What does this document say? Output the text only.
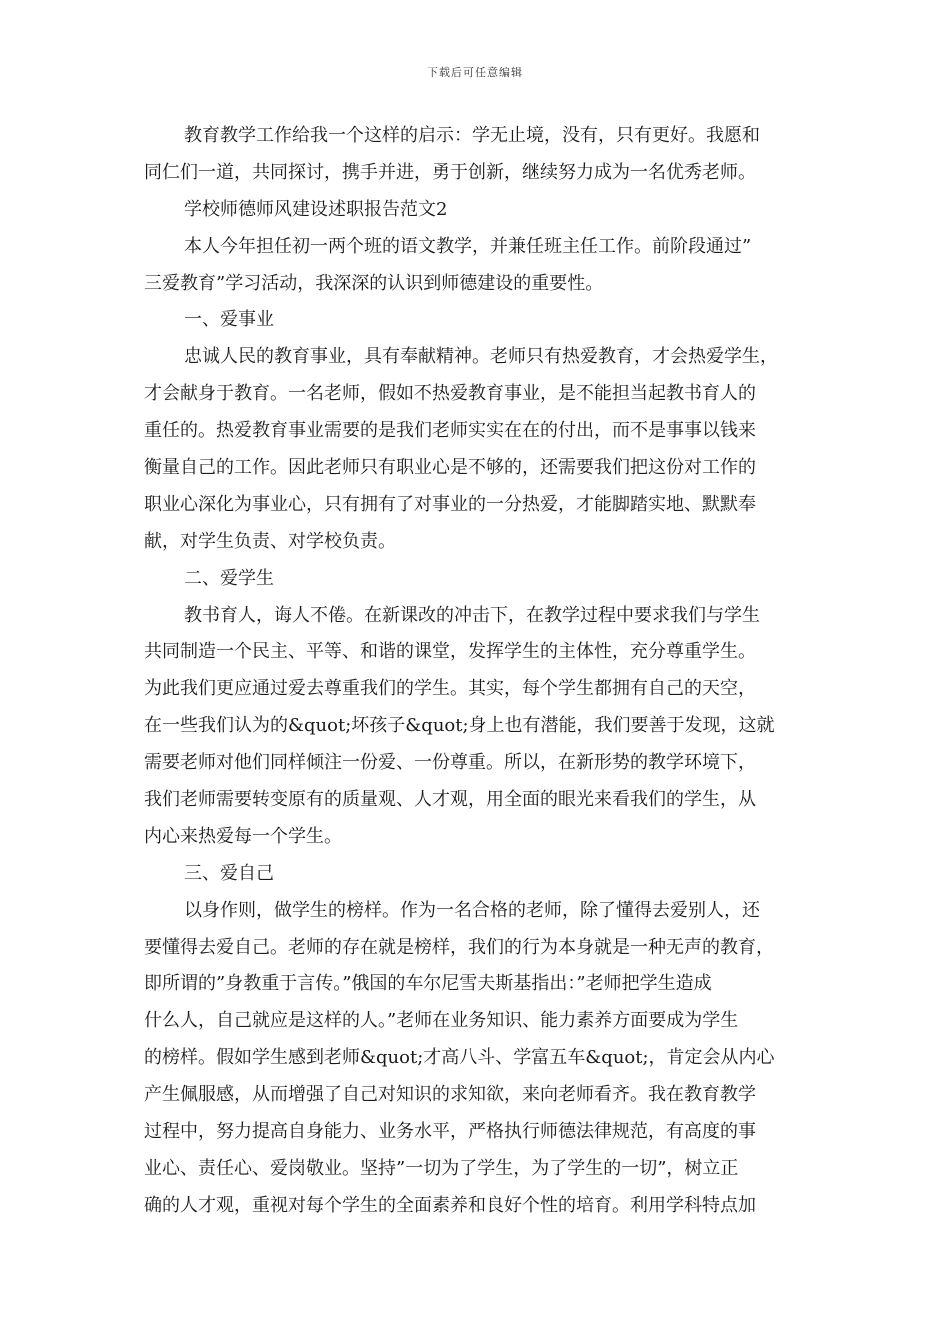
下载后可任意编辑
教育教学工作给我一个这样的启示：学无止境，没有，只有更好。我愿和
同仁们一道，共同探讨，携手并进，勇于创新，继续努力成为一名优秀老师。
学校师德师风建设述职报告范文2
本人今年担任初一两个班的语文教学，并兼任班主任工作。前阶段通过”
三爱教育”学习活动，我深深的认识到师德建设的重要性。
一、爱事业
忠诚人民的教育事业，具有奉献精神。老师只有热爱教育，才会热爱学生，
才会献身于教育。一名老师，假如不热爱教育事业，是不能担当起教书育人的
重任的。热爱教育事业需要的是我们老师实实在在的付出，而不是事事以钱来
衡量自己的工作。因此老师只有职业心是不够的，还需要我们把这份对工作的
职业心深化为事业心，只有拥有了对事业的一分热爱，才能脚踏实地、默默奉
献，对学生负责、对学校负责。
二、爱学生
教书育人，诲人不倦。在新课改的冲击下，在教学过程中要求我们与学生
共同制造一个民主、平等、和谐的课堂，发挥学生的主体性，充分尊重学生。
为此我们更应通过爱去尊重我们的学生。其实，每个学生都拥有自己的天空，
在一些我们认为的&quot;坏孩子&quot;身上也有潜能，我们要善于发现，这就
需要老师对他们同样倾注一份爱、一份尊重。所以，在新形势的教学环境下，
我们老师需要转变原有的质量观、人才观，用全面的眼光来看我们的学生，从
内心来热爱每一个学生。
三、爱自己
以身作则，做学生的榜样。作为一名合格的老师，除了懂得去爱别人，还
要懂得去爱自己。老师的存在就是榜样，我们的行为本身就是一种无声的教育，
即所谓的”身教重于言传。”俄国的车尔尼雪夫斯基指出：”老师把学生造成
什么人，自己就应是这样的人。”老师在业务知识、能力素养方面要成为学生
的榜样。假如学生感到老师&quot;才高八斗、学富五车&quot;，肯定会从内心
产生佩服感，从而增强了自己对知识的求知欲，来向老师看齐。我在教育教学
过程中，努力提高自身能力、业务水平，严格执行师德法律规范，有高度的事
业心、责任心、爱岗敬业。坚持”一切为了学生，为了学生的一切”，树立正
确的人才观，重视对每个学生的全面素养和良好个性的培育。利用学科特点加
